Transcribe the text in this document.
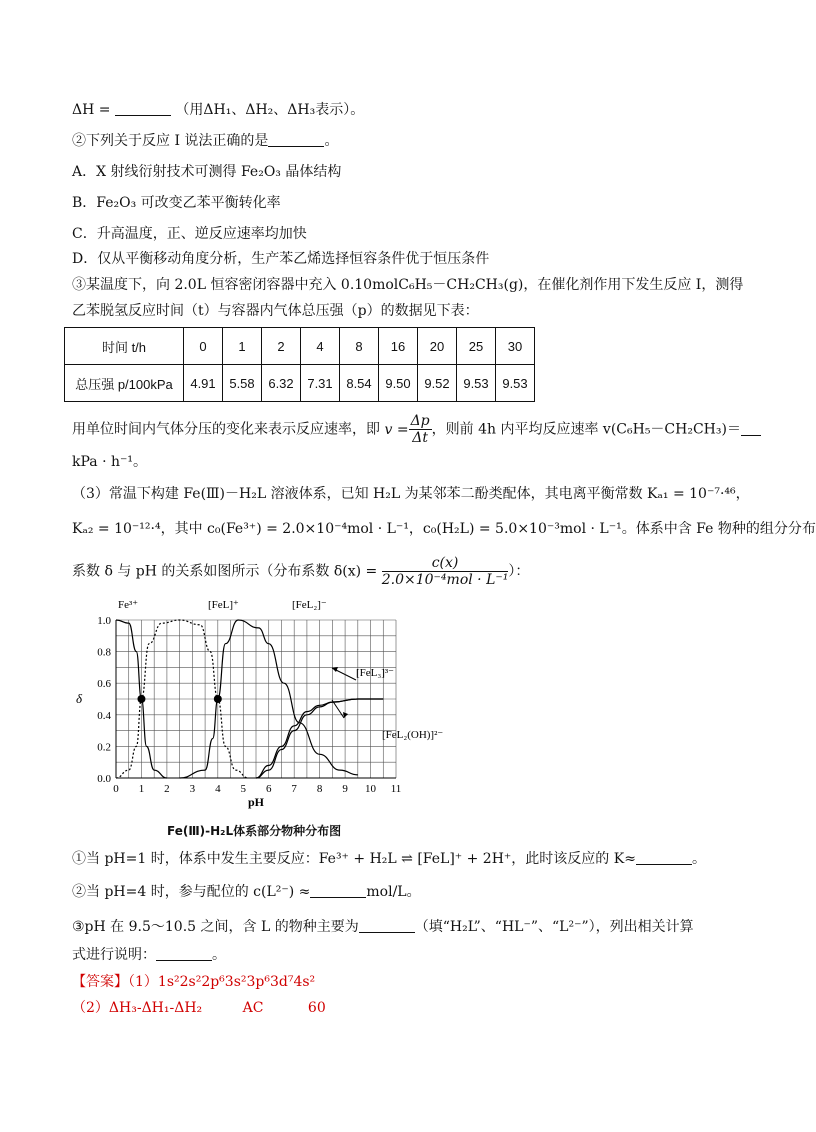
ΔH =	（用ΔH₁、ΔH₂、ΔH₃表示）。
②下列关于反应 I 说法正确的是	。
A．X 射线衍射技术可测得 Fe₂O₃ 晶体结构
B．Fe₂O₃ 可改变乙苯平衡转化率
C．升高温度，正、逆反应速率均加快
D．仅从平衡移动角度分析，生产苯乙烯选择恒容条件优于恒压条件
③某温度下，向 2.0L 恒容密闭容器中充入 0.10molC₆H₅－CH₂CH₃(g)，在催化剂作用下发生反应 I，测得
乙苯脱氢反应时间（t）与容器内气体总压强（p）的数据见下表：
时间 t/h	0	1	2	4	8	16	20	25	30
总压强 p/100kPa	4.91	5.58	6.32	7.31	8.54	9.50	9.52	9.53	9.53
用单位时间内气体分压的变化来表示反应速率，即 $v = \frac{\Delta p}{\Delta t}$ ，则前 4h 内平均反应速率 v(C₆H₅－CH₂CH₃)＝
kPa · h⁻¹。
（3）常温下构建 Fe(Ⅲ)－H₂L 溶液体系，已知 H₂L 为某邻苯二酚类配体，其电离平衡常数 Kₐ₁ = 10⁻⁷·⁴⁶，
Kₐ₂ = 10⁻¹²·⁴，其中 c₀(Fe³⁺) = 2.0×10⁻⁴mol · L⁻¹，c₀(H₂L) = 5.0×10⁻³mol · L⁻¹。体系中含 Fe 物种的组分分布
系数 δ 与 pH 的关系如图所示（分布系数 $\delta(x) = \frac{c(x)}{\text{2.0×10⁻⁴mol · L⁻¹}}$ ）：
0 1 2 3 4 5 6 7 8 9 10 11
0.0
0.2
0.4
0.6
0.8
1.0
pH
δ
Fe³⁺	[FeL]⁺	[FeL₂]⁻
[FeL₃]³⁻
[FeL₂(OH)]²⁻
Fe(Ⅲ)-H₂L体系部分物种分布图
①当 pH=1 时，体系中发生主要反应：Fe³⁺ + H₂L ⇌ [FeL]⁺ + 2H⁺，此时该反应的 K≈	。
②当 pH=4 时，参与配位的 c(L²⁻) ≈	mol/L。
③pH 在 9.5～10.5 之间，含 L 的物种主要为	（填“H₂L”、“HL⁻”、“L²⁻”），列出相关计算
式进行说明：	。
【答案】（1）1s²2s²2p⁶3s²3p⁶3d⁷4s²
（2）ΔH₃-ΔH₁-ΔH₂	AC	60
